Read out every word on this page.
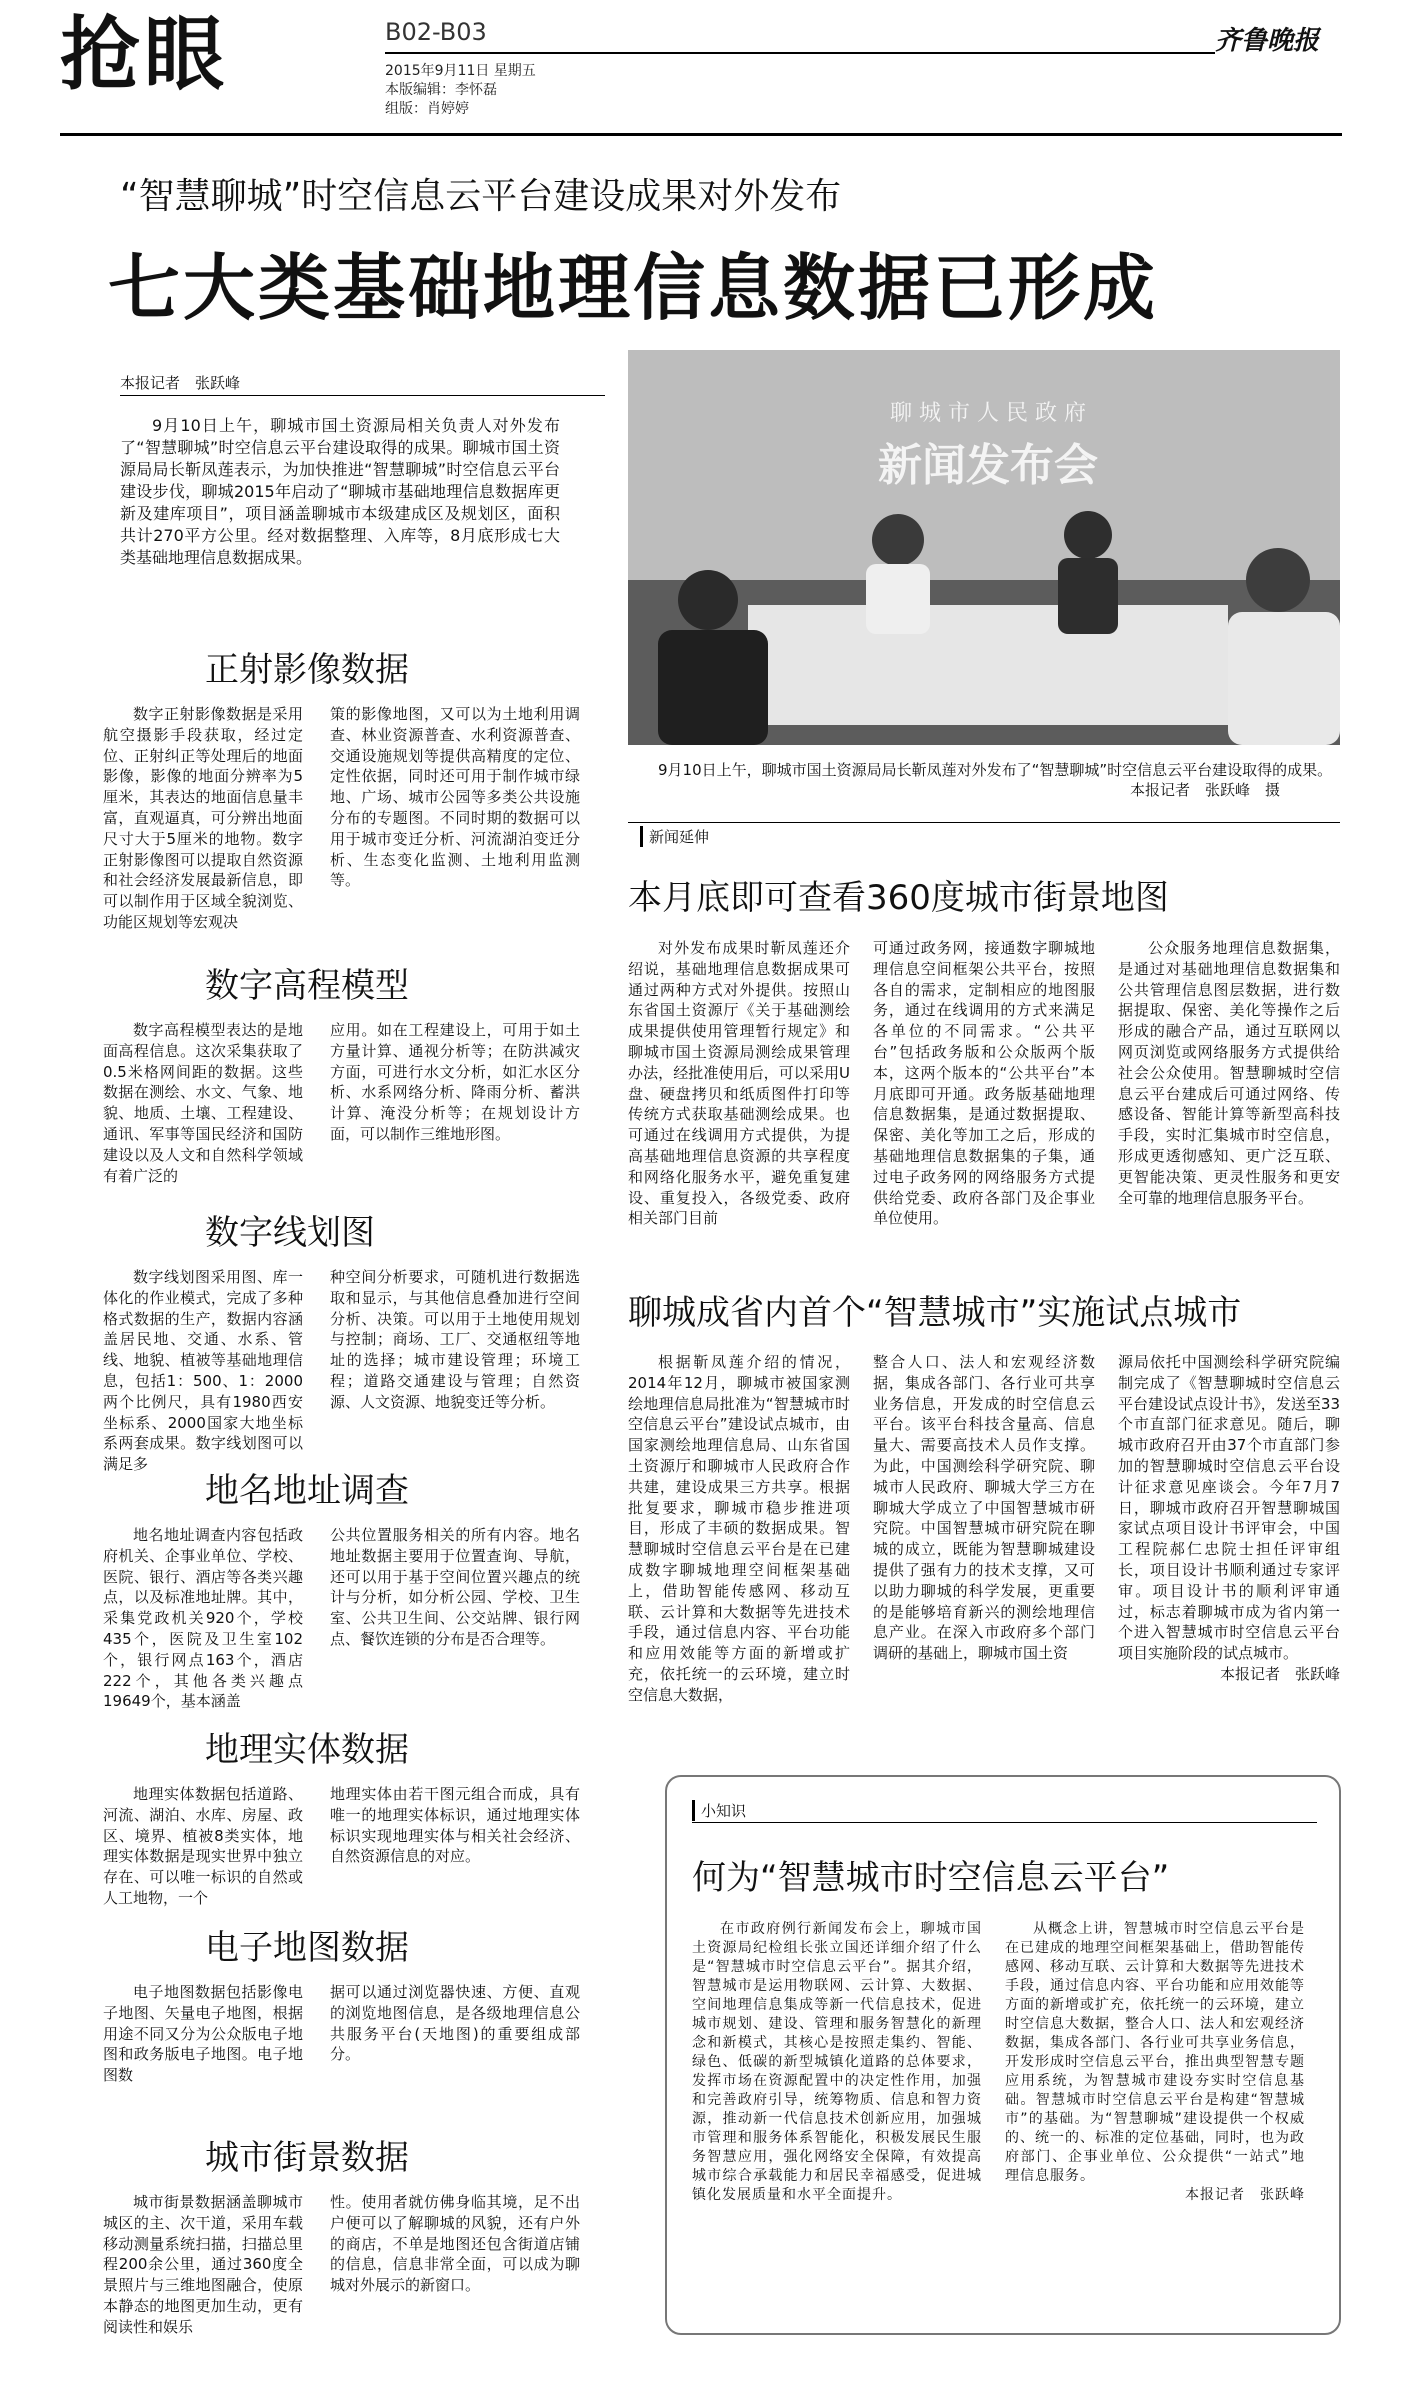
抢眼	B02-B03
2015年9月11日 星期五
本版编辑：李怀磊
组版：肖婷婷
齐鲁晚报
“智慧聊城”时空信息云平台建设成果对外发布
七大类基础地理信息数据已形成
本报记者　张跃峰

9月10日上午，聊城市国土资源局相关负责人对外发布了“智慧聊城”时空信息云平台建设取得的成果。聊城市国土资源局局长靳凤莲表示，为加快推进“智慧聊城”时空信息云平台建设步伐，聊城2015年启动了“聊城市基础地理信息数据库更新及建库项目”，项目涵盖聊城市本级建成区及规划区，面积共计270平方公里。经对数据整理、入库等，8月底形成七大类基础地理信息数据成果。

正射影像数据
数字正射影像数据是采用航空摄影手段获取，经过定位、正射纠正等处理后的地面影像，影像的地面分辨率为5厘米，其表达的地面信息量丰富，直观逼真，可分辨出地面尺寸大于5厘米的地物。数字正射影像图可以提取自然资源和社会经济发展最新信息，即可以制作用于区域全貌浏览、功能区规划等宏观决
策的影像地图，又可以为土地利用调查、林业资源普查、水利资源普查、交通设施规划等提供高精度的定位、定性依据，同时还可用于制作城市绿地、广场、城市公园等多类公共设施分布的专题图。不同时期的数据可以用于城市变迁分析、河流湖泊变迁分析、生态变化监测、土地利用监测等。
数字高程模型
数字高程模型表达的是地面高程信息。这次采集获取了0.5米格网间距的数据。这些数据在测绘、水文、气象、地貌、地质、土壤、工程建设、通讯、军事等国民经济和国防建设以及人文和自然科学领域有着广泛的
应用。如在工程建设上，可用于如土方量计算、通视分析等；在防洪减灾方面，可进行水文分析，如汇水区分析、水系网络分析、降雨分析、蓄洪计算、淹没分析等；在规划设计方面，可以制作三维地形图。
数字线划图
数字线划图采用图、库一体化的作业模式，完成了多种格式数据的生产，数据内容涵盖居民地、交通、水系、管线、地貌、植被等基础地理信息，包括1：500、1：2000两个比例尺，具有1980西安坐标系、2000国家大地坐标系两套成果。数字线划图可以满足多
种空间分析要求，可随机进行数据选取和显示，与其他信息叠加进行空间分析、决策。可以用于土地使用规划与控制；商场、工厂、交通枢纽等地址的选择；城市建设管理；环境工程；道路交通建设与管理；自然资源、人文资源、地貌变迁等分析。
地名地址调查
地名地址调查内容包括政府机关、企事业单位、学校、医院、银行、酒店等各类兴趣点，以及标准地址牌。其中，采集党政机关920个，学校435个，医院及卫生室102个，银行网点163个，酒店222个，其他各类兴趣点19649个，基本涵盖
公共位置服务相关的所有内容。地名地址数据主要用于位置查询、导航，还可以用于基于空间位置兴趣点的统计与分析，如分析公园、学校、卫生室、公共卫生间、公交站牌、银行网点、餐饮连锁的分布是否合理等。
地理实体数据
地理实体数据包括道路、河流、湖泊、水库、房屋、政区、境界、植被8类实体，地理实体数据是现实世界中独立存在、可以唯一标识的自然或人工地物，一个
地理实体由若干图元组合而成，具有唯一的地理实体标识，通过地理实体标识实现地理实体与相关社会经济、自然资源信息的对应。
电子地图数据
电子地图数据包括影像电子地图、矢量电子地图，根据用途不同又分为公众版电子地图和政务版电子地图。电子地图数
据可以通过浏览器快速、方便、直观的浏览地图信息，是各级地理信息公共服务平台(天地图)的重要组成部分。
城市街景数据
城市街景数据涵盖聊城市城区的主、次干道，采用车载移动测量系统扫描，扫描总里程200余公里，通过360度全景照片与三维地图融合，使原本静态的地图更加生动，更有阅读性和娱乐
性。使用者就仿佛身临其境，足不出户便可以了解聊城的风貌，还有户外的商店，不单是地图还包含街道店铺的信息，信息非常全面，可以成为聊城对外展示的新窗口。
聊 城 市 人 民 政 府
新闻发布会
9月10日上午，聊城市国土资源局局长靳凤莲对外发布了“智慧聊城”时空信息云平台建设取得的成果。
本报记者　张跃峰　摄
新闻延伸
本月底即可查看360度城市街景地图

对外发布成果时靳凤莲还介绍说，基础地理信息数据成果可通过两种方式对外提供。按照山东省国土资源厅《关于基础测绘成果提供使用管理暂行规定》和聊城市国土资源局测绘成果管理办法，经批准使用后，可以采用U盘、硬盘拷贝和纸质图件打印等传统方式获取基础测绘成果。也可通过在线调用方式提供，为提高基础地理信息资源的共享程度和网络化服务水平，避免重复建设、重复投入，各级党委、政府相关部门目前

可通过政务网，接通数字聊城地理信息空间框架公共平台，按照各自的需求，定制相应的地图服务，通过在线调用的方式来满足各单位的不同需求。“公共平台”包括政务版和公众版两个版本，这两个版本的“公共平台”本月底即可开通。政务版基础地理信息数据集，是通过数据提取、保密、美化等加工之后，形成的基础地理信息数据集的子集，通过电子政务网的网络服务方式提供给党委、政府各部门及企事业单位使用。

公众服务地理信息数据集，是通过对基础地理信息数据集和公共管理信息图层数据，进行数据提取、保密、美化等操作之后形成的融合产品，通过互联网以网页浏览或网络服务方式提供给社会公众使用。智慧聊城时空信息云平台建成后可通过网络、传感设备、智能计算等新型高科技手段，实时汇集城市时空信息，形成更透彻感知、更广泛互联、更智能决策、更灵性服务和更安全可靠的地理信息服务平台。

聊城成省内首个“智慧城市”实施试点城市

根据靳凤莲介绍的情况，2014年12月，聊城市被国家测绘地理信息局批准为“智慧城市时空信息云平台”建设试点城市，由国家测绘地理信息局、山东省国土资源厅和聊城市人民政府合作共建，建设成果三方共享。根据批复要求，聊城市稳步推进项目，形成了丰硕的数据成果。智慧聊城时空信息云平台是在已建成数字聊城地理空间框架基础上，借助智能传感网、移动互联、云计算和大数据等先进技术手段，通过信息内容、平台功能和应用效能等方面的新增或扩充，依托统一的云环境，建立时空信息大数据，

整合人口、法人和宏观经济数据，集成各部门、各行业可共享业务信息，开发成的时空信息云平台。该平台科技含量高、信息量大、需要高技术人员作支撑。为此，中国测绘科学研究院、聊城市人民政府、聊城大学三方在聊城大学成立了中国智慧城市研究院。中国智慧城市研究院在聊城的成立，既能为智慧聊城建设提供了强有力的技术支撑，又可以助力聊城的科学发展，更重要的是能够培育新兴的测绘地理信息产业。在深入市政府多个部门调研的基础上，聊城市国土资

源局依托中国测绘科学研究院编制完成了《智慧聊城时空信息云平台建设试点设计书》，发送至33个市直部门征求意见。随后，聊城市政府召开由37个市直部门参加的智慧聊城时空信息云平台设计征求意见座谈会。今年7月7日，聊城市政府召开智慧聊城国家试点项目设计书评审会，中国工程院郝仁忠院士担任评审组长，项目设计书顺利通过专家评审。项目设计书的顺利评审通过，标志着聊城市成为省内第一个进入智慧城市时空信息云平台项目实施阶段的试点城市。

本报记者　张跃峰

小知识
何为“智慧城市时空信息云平台”

在市政府例行新闻发布会上，聊城市国土资源局纪检组长张立国还详细介绍了什么是“智慧城市时空信息云平台”。据其介绍，智慧城市是运用物联网、云计算、大数据、空间地理信息集成等新一代信息技术，促进城市规划、建设、管理和服务智慧化的新理念和新模式，其核心是按照走集约、智能、绿色、低碳的新型城镇化道路的总体要求，发挥市场在资源配置中的决定性作用，加强和完善政府引导，统筹物质、信息和智力资源，推动新一代信息技术创新应用，加强城市管理和服务体系智能化，积极发展民生服务智慧应用，强化网络安全保障，有效提高城市综合承载能力和居民幸福感受，促进城镇化发展质量和水平全面提升。

从概念上讲，智慧城市时空信息云平台是在已建成的地理空间框架基础上，借助智能传感网、移动互联、云计算和大数据等先进技术手段，通过信息内容、平台功能和应用效能等方面的新增或扩充，依托统一的云环境，建立时空信息大数据，整合人口、法人和宏观经济数据，集成各部门、各行业可共享业务信息，开发形成时空信息云平台，推出典型智慧专题应用系统，为智慧城市建设夯实时空信息基础。智慧城市时空信息云平台是构建“智慧城市”的基础。为“智慧聊城”建设提供一个权威的、统一的、标准的定位基础，同时，也为政府部门、企事业单位、公众提供“一站式”地理信息服务。

本报记者　张跃峰
